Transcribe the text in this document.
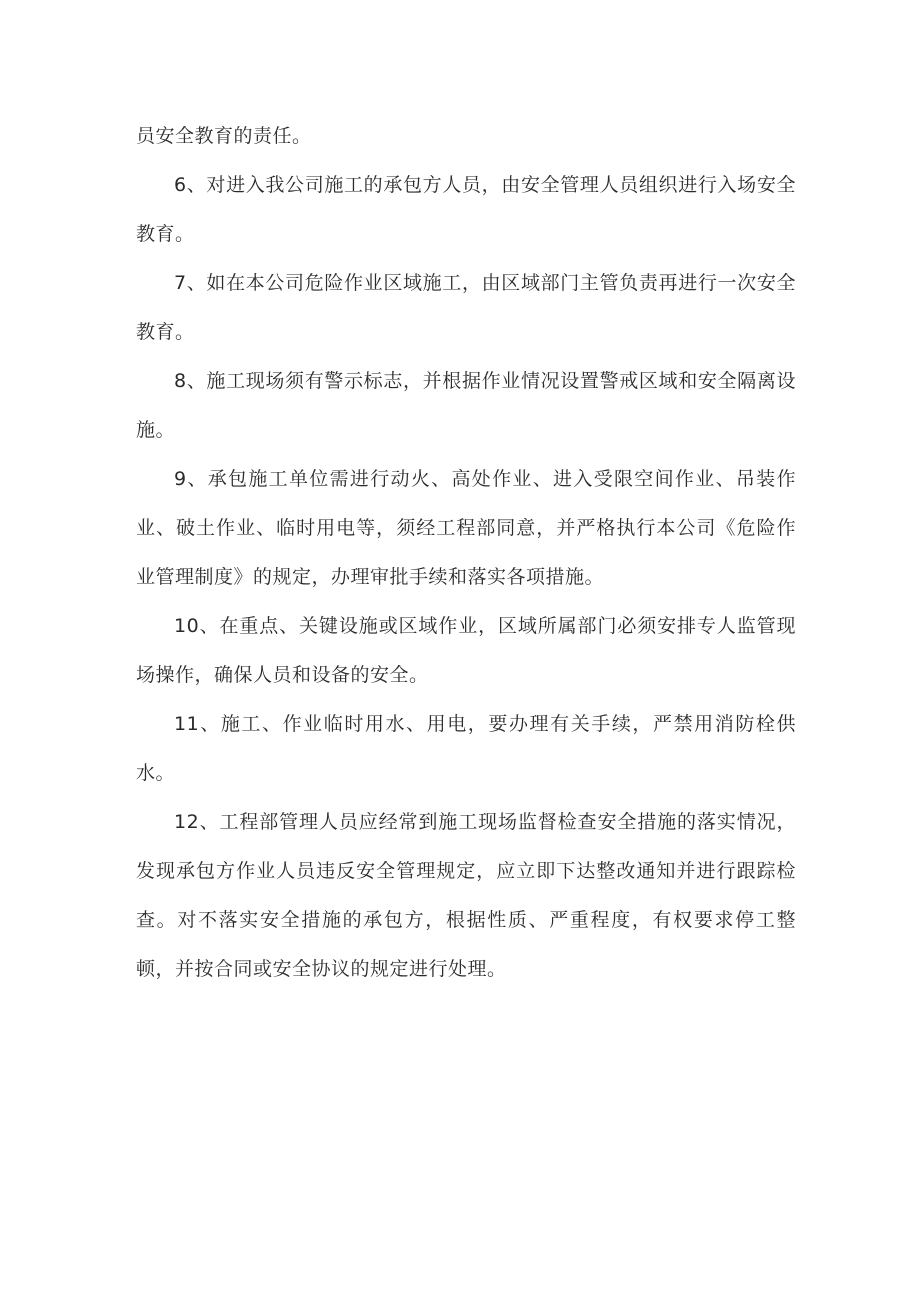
员安全教育的责任。

6、对进入我公司施工的承包方人员，由安全管理人员组织进行入场安全教育。

7、如在本公司危险作业区域施工，由区域部门主管负责再进行一次安全教育。

8、施工现场须有警示标志，并根据作业情况设置警戒区域和安全隔离设施。

9、承包施工单位需进行动火、高处作业、进入受限空间作业、吊装作业、破土作业、临时用电等，须经工程部同意，并严格执行本公司《危险作业管理制度》的规定，办理审批手续和落实各项措施。

10、在重点、关键设施或区域作业，区域所属部门必须安排专人监管现场操作，确保人员和设备的安全。

11、施工、作业临时用水、用电，要办理有关手续，严禁用消防栓供水。

12、工程部管理人员应经常到施工现场监督检查安全措施的落实情况，发现承包方作业人员违反安全管理规定，应立即下达整改通知并进行跟踪检查。对不落实安全措施的承包方，根据性质、严重程度，有权要求停工整顿，并按合同或安全协议的规定进行处理。
